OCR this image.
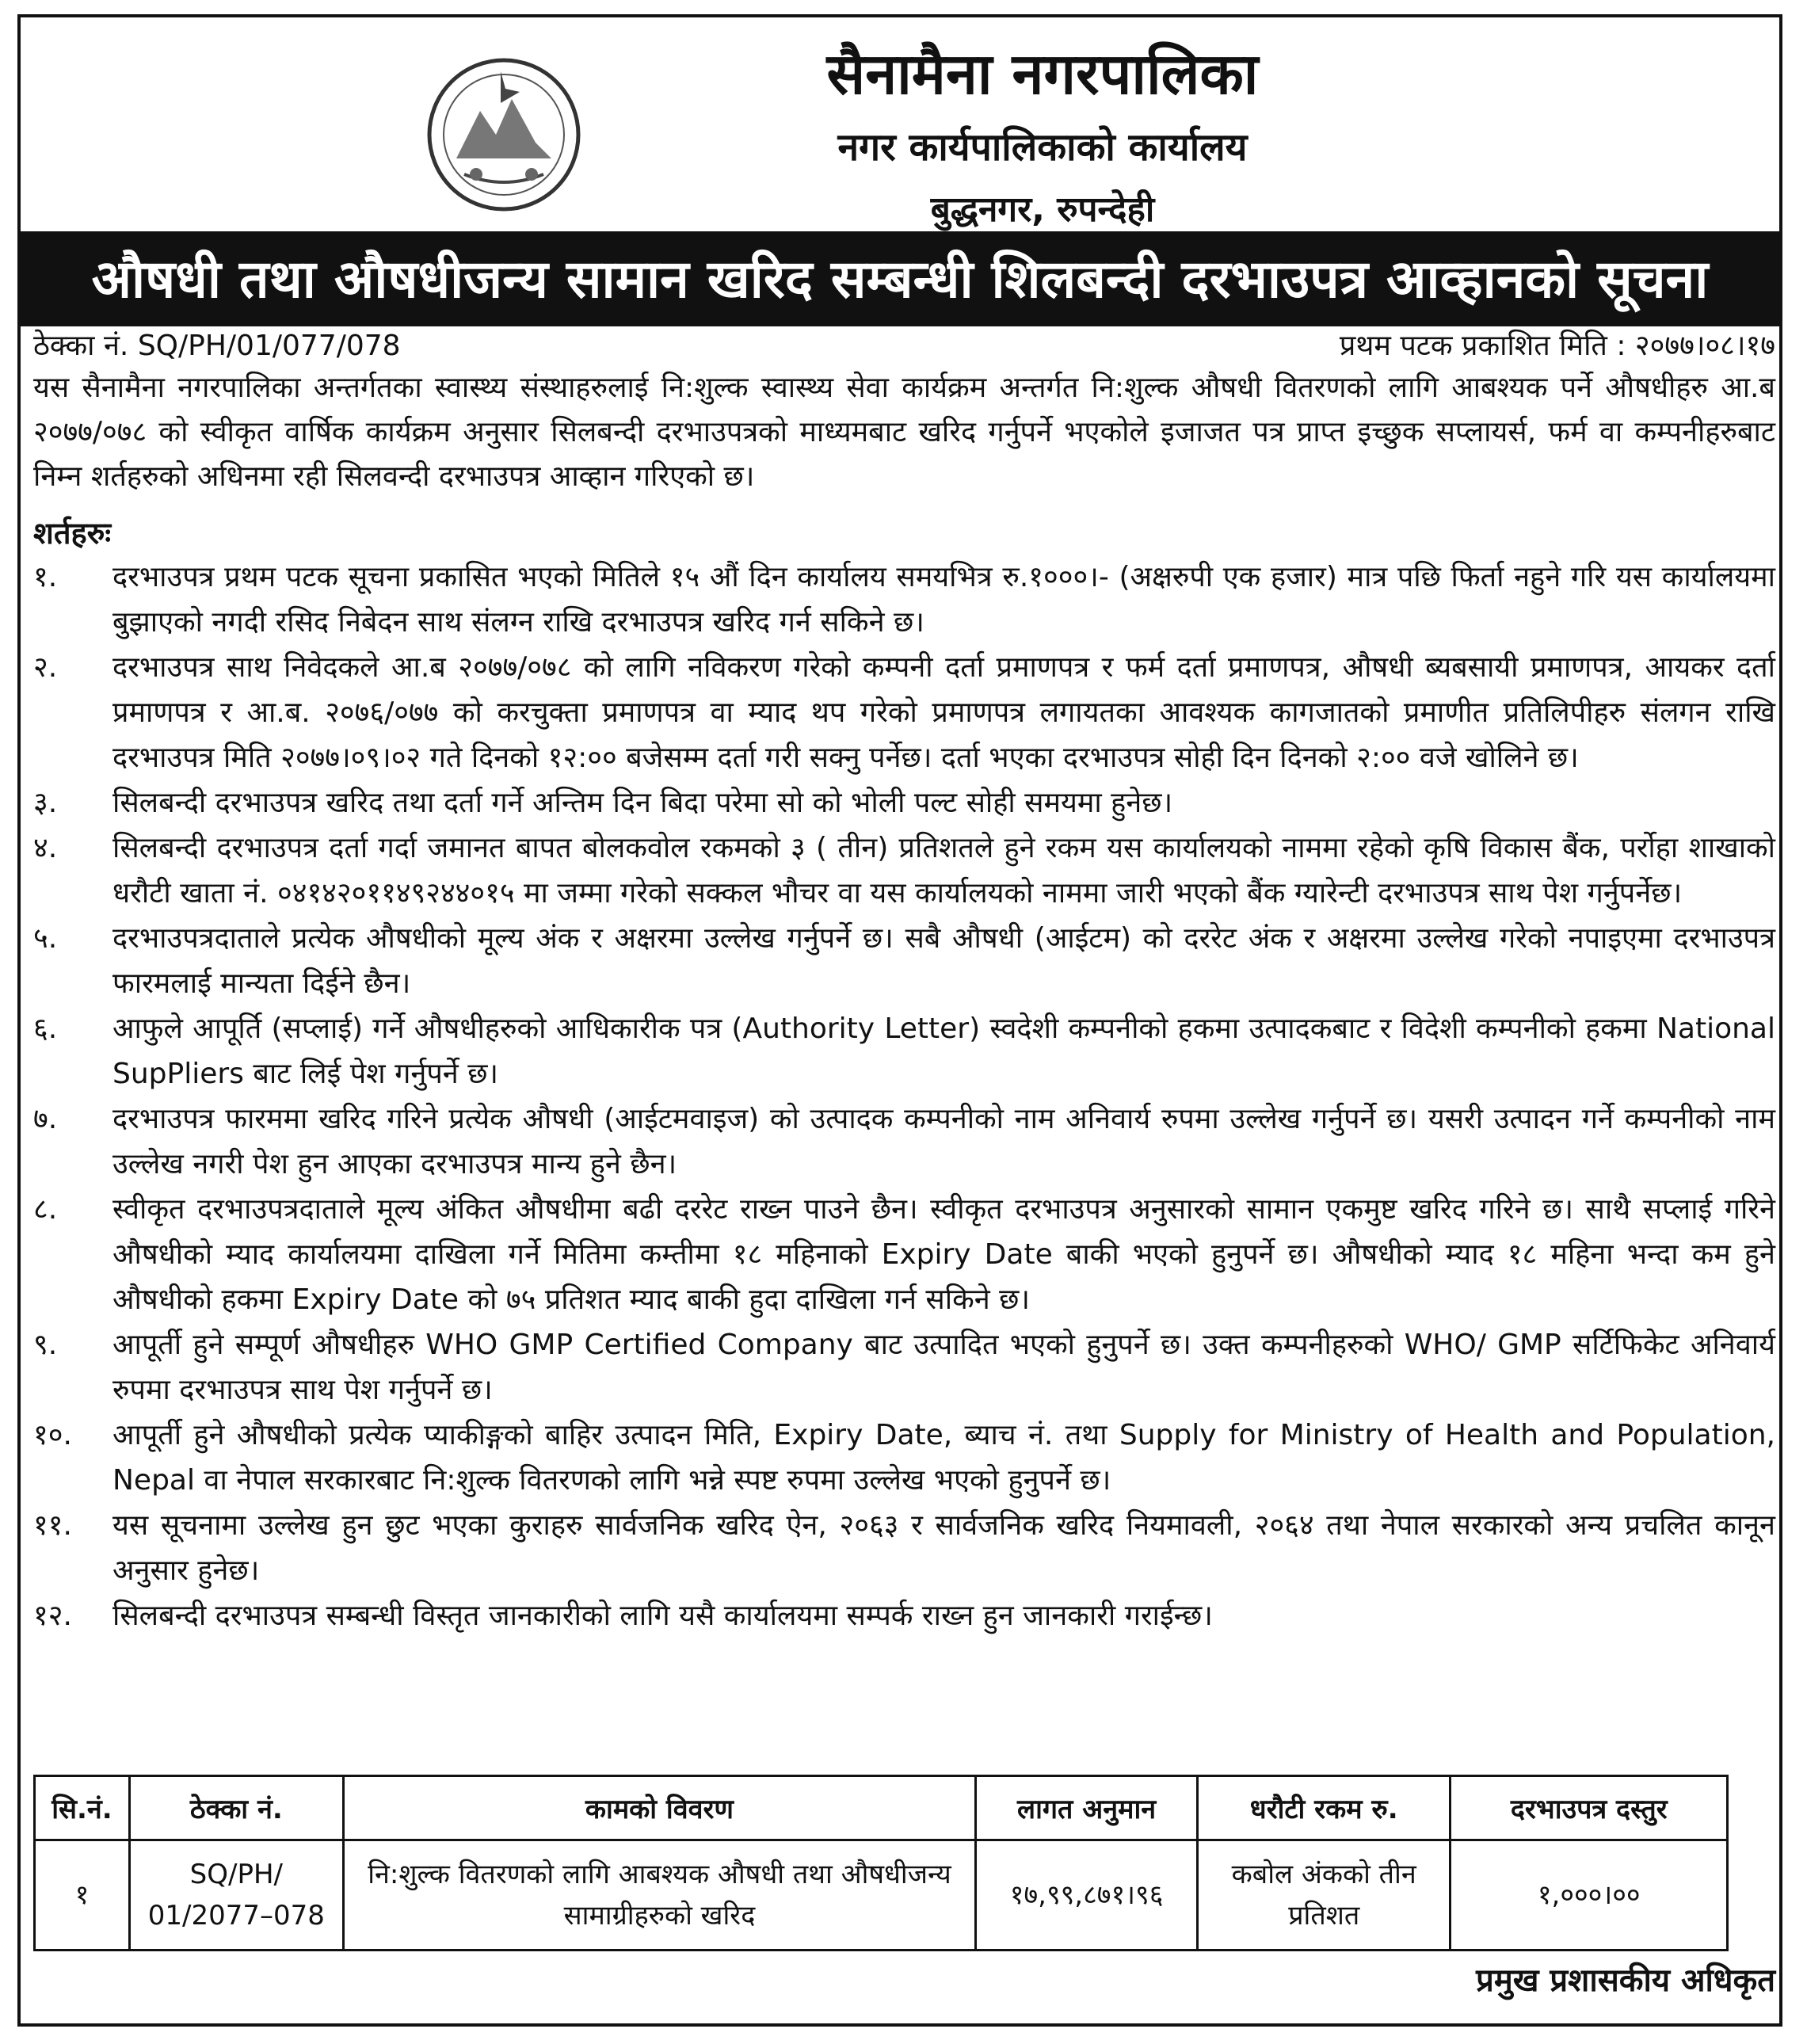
सैनामैना नगरपालिका
नगर कार्यपालिकाको कार्यालय
बुद्धनगर, रुपन्देही
औषधी तथा औषधीजन्य सामान खरिद सम्बन्धी शिलबन्दी दरभाउपत्र आव्हानको सूचना
ठेक्का नं. SQ/PH/01/077/078	प्रथम पटक प्रकाशित मिति : २०७७।०८।१७
यस सैनामैना नगरपालिका अन्तर्गतका स्वास्थ्य संस्थाहरुलाई नि:शुल्क स्वास्थ्य सेवा कार्यक्रम अन्तर्गत नि:शुल्क औषधी वितरणको लागि आबश्यक पर्ने औषधीहरु आ.ब २०७७/०७८ को स्वीकृत वार्षिक कार्यक्रम अनुसार सिलबन्दी दरभाउपत्रको माध्यमबाट खरिद गर्नुपर्ने भएकोले इजाजत पत्र प्राप्त इच्छुक सप्लायर्स, फर्म वा कम्पनीहरुबाट निम्न शर्तहरुको अधिनमा रही सिलवन्दी दरभाउपत्र आव्हान गरिएको छ।
शर्तहरुः
१.	दरभाउपत्र प्रथम पटक सूचना प्रकासित भएको मितिले १५ औं दिन कार्यालय समयभित्र रु.१०००।- (अक्षरुपी एक हजार) मात्र पछि फिर्ता नहुने गरि यस कार्यालयमा बुझाएको नगदी रसिद निबेदन साथ संलग्न राखि दरभाउपत्र खरिद गर्न सकिने छ।
२.	दरभाउपत्र साथ निवेदकले आ.ब २०७७/०७८ को लागि नविकरण गरेको कम्पनी दर्ता प्रमाणपत्र र फर्म दर्ता प्रमाणपत्र, औषधी ब्यबसायी प्रमाणपत्र, आयकर दर्ता प्रमाणपत्र र आ.ब. २०७६/०७७ को करचुक्ता प्रमाणपत्र वा म्याद थप गरेको प्रमाणपत्र लगायतका आवश्यक कागजातको प्रमाणीत प्रतिलिपीहरु संलगन राखि दरभाउपत्र मिति २०७७।०९।०२ गते दिनको १२:०० बजेसम्म दर्ता गरी सक्नु पर्नेछ। दर्ता भएका दरभाउपत्र सोही दिन दिनको २:०० वजे खोलिने छ।
३.	सिलबन्दी दरभाउपत्र खरिद तथा दर्ता गर्ने अन्तिम दिन बिदा परेमा सो को भोली पल्ट सोही समयमा हुनेछ।
४.	सिलबन्दी दरभाउपत्र दर्ता गर्दा जमानत बापत बोलकवोल रकमको ३ ( तीन) प्रतिशतले हुने रकम यस कार्यालयको नाममा रहेको कृषि विकास बैंक, पर्रोहा शाखाको धरौटी खाता नं. ०४१४२०११४९२४४०१५ मा जम्मा गरेको सक्कल भौचर वा यस कार्यालयको नाममा जारी भएको बैंक ग्यारेन्टी दरभाउपत्र साथ पेश गर्नुपर्नेछ।
५.	दरभाउपत्रदाताले प्रत्येक औषधीको मूल्य अंक र अक्षरमा उल्लेख गर्नुपर्ने छ। सबै औषधी (आईटम) को दररेट अंक र अक्षरमा उल्लेख गरेको नपाइएमा दरभाउपत्र फारमलाई मान्यता दिईने छैन।
६.	आफुले आपूर्ति (सप्लाई) गर्ने औषधीहरुको आधिकारीक पत्र (Authority Letter) स्वदेशी कम्पनीको हकमा उत्पादकबाट र विदेशी कम्पनीको हकमा National SupPliers बाट लिई पेश गर्नुपर्ने छ।
७.	दरभाउपत्र फारममा खरिद गरिने प्रत्येक औषधी (आईटमवाइज) को उत्पादक कम्पनीको नाम अनिवार्य रुपमा उल्लेख गर्नुपर्ने छ। यसरी उत्पादन गर्ने कम्पनीको नाम उल्लेख नगरी पेश हुन आएका दरभाउपत्र मान्य हुने छैन।
८.	स्वीकृत दरभाउपत्रदाताले मूल्य अंकित औषधीमा बढी दररेट राख्न पाउने छैन। स्वीकृत दरभाउपत्र अनुसारको सामान एकमुष्ट खरिद गरिने छ। साथै सप्लाई गरिने औषधीको म्याद कार्यालयमा दाखिला गर्ने मितिमा कम्तीमा १८ महिनाको Expiry Date बाकी भएको हुनुपर्ने छ। औषधीको म्याद १८ महिना भन्दा कम हुने औषधीको हकमा Expiry Date को ७५ प्रतिशत म्याद बाकी हुदा दाखिला गर्न सकिने छ।
९.	आपूर्ती हुने सम्पूर्ण औषधीहरु WHO GMP Certified Company बाट उत्पादित भएको हुनुपर्ने छ। उक्त कम्पनीहरुको WHO/ GMP सर्टिफिकेट अनिवार्य रुपमा दरभाउपत्र साथ पेश गर्नुपर्ने छ।
१०.	आपूर्ती हुने औषधीको प्रत्येक प्याकीङ्गको बाहिर उत्पादन मिति, Expiry Date, ब्याच नं. तथा Supply for Ministry of Health and Population, Nepal वा नेपाल सरकारबाट नि:शुल्क वितरणको लागि भन्ने स्पष्ट रुपमा उल्लेख भएको हुनुपर्ने छ।
११.	यस सूचनामा उल्लेख हुन छुट भएका कुराहरु सार्वजनिक खरिद ऐन, २०६३ र सार्वजनिक खरिद नियमावली, २०६४ तथा नेपाल सरकारको अन्य प्रचलित कानून अनुसार हुनेछ।
१२.	सिलबन्दी दरभाउपत्र सम्बन्धी विस्तृत जानकारीको लागि यसै कार्यालयमा सम्पर्क राख्न हुन जानकारी गराईन्छ।
सि.नं.	ठेक्का नं.	कामको विवरण	लागत अनुमान	धरौटी रकम रु.	दरभाउपत्र दस्तुर
१	SQ/PH/ 01/2077–078	नि:शुल्क वितरणको लागि आबश्यक औषधी तथा औषधीजन्य सामाग्रीहरुको खरिद	१७,९९,८७१।९६	कबोल अंकको तीन प्रतिशत	१,०००।००
प्रमुख प्रशासकीय अधिकृत
